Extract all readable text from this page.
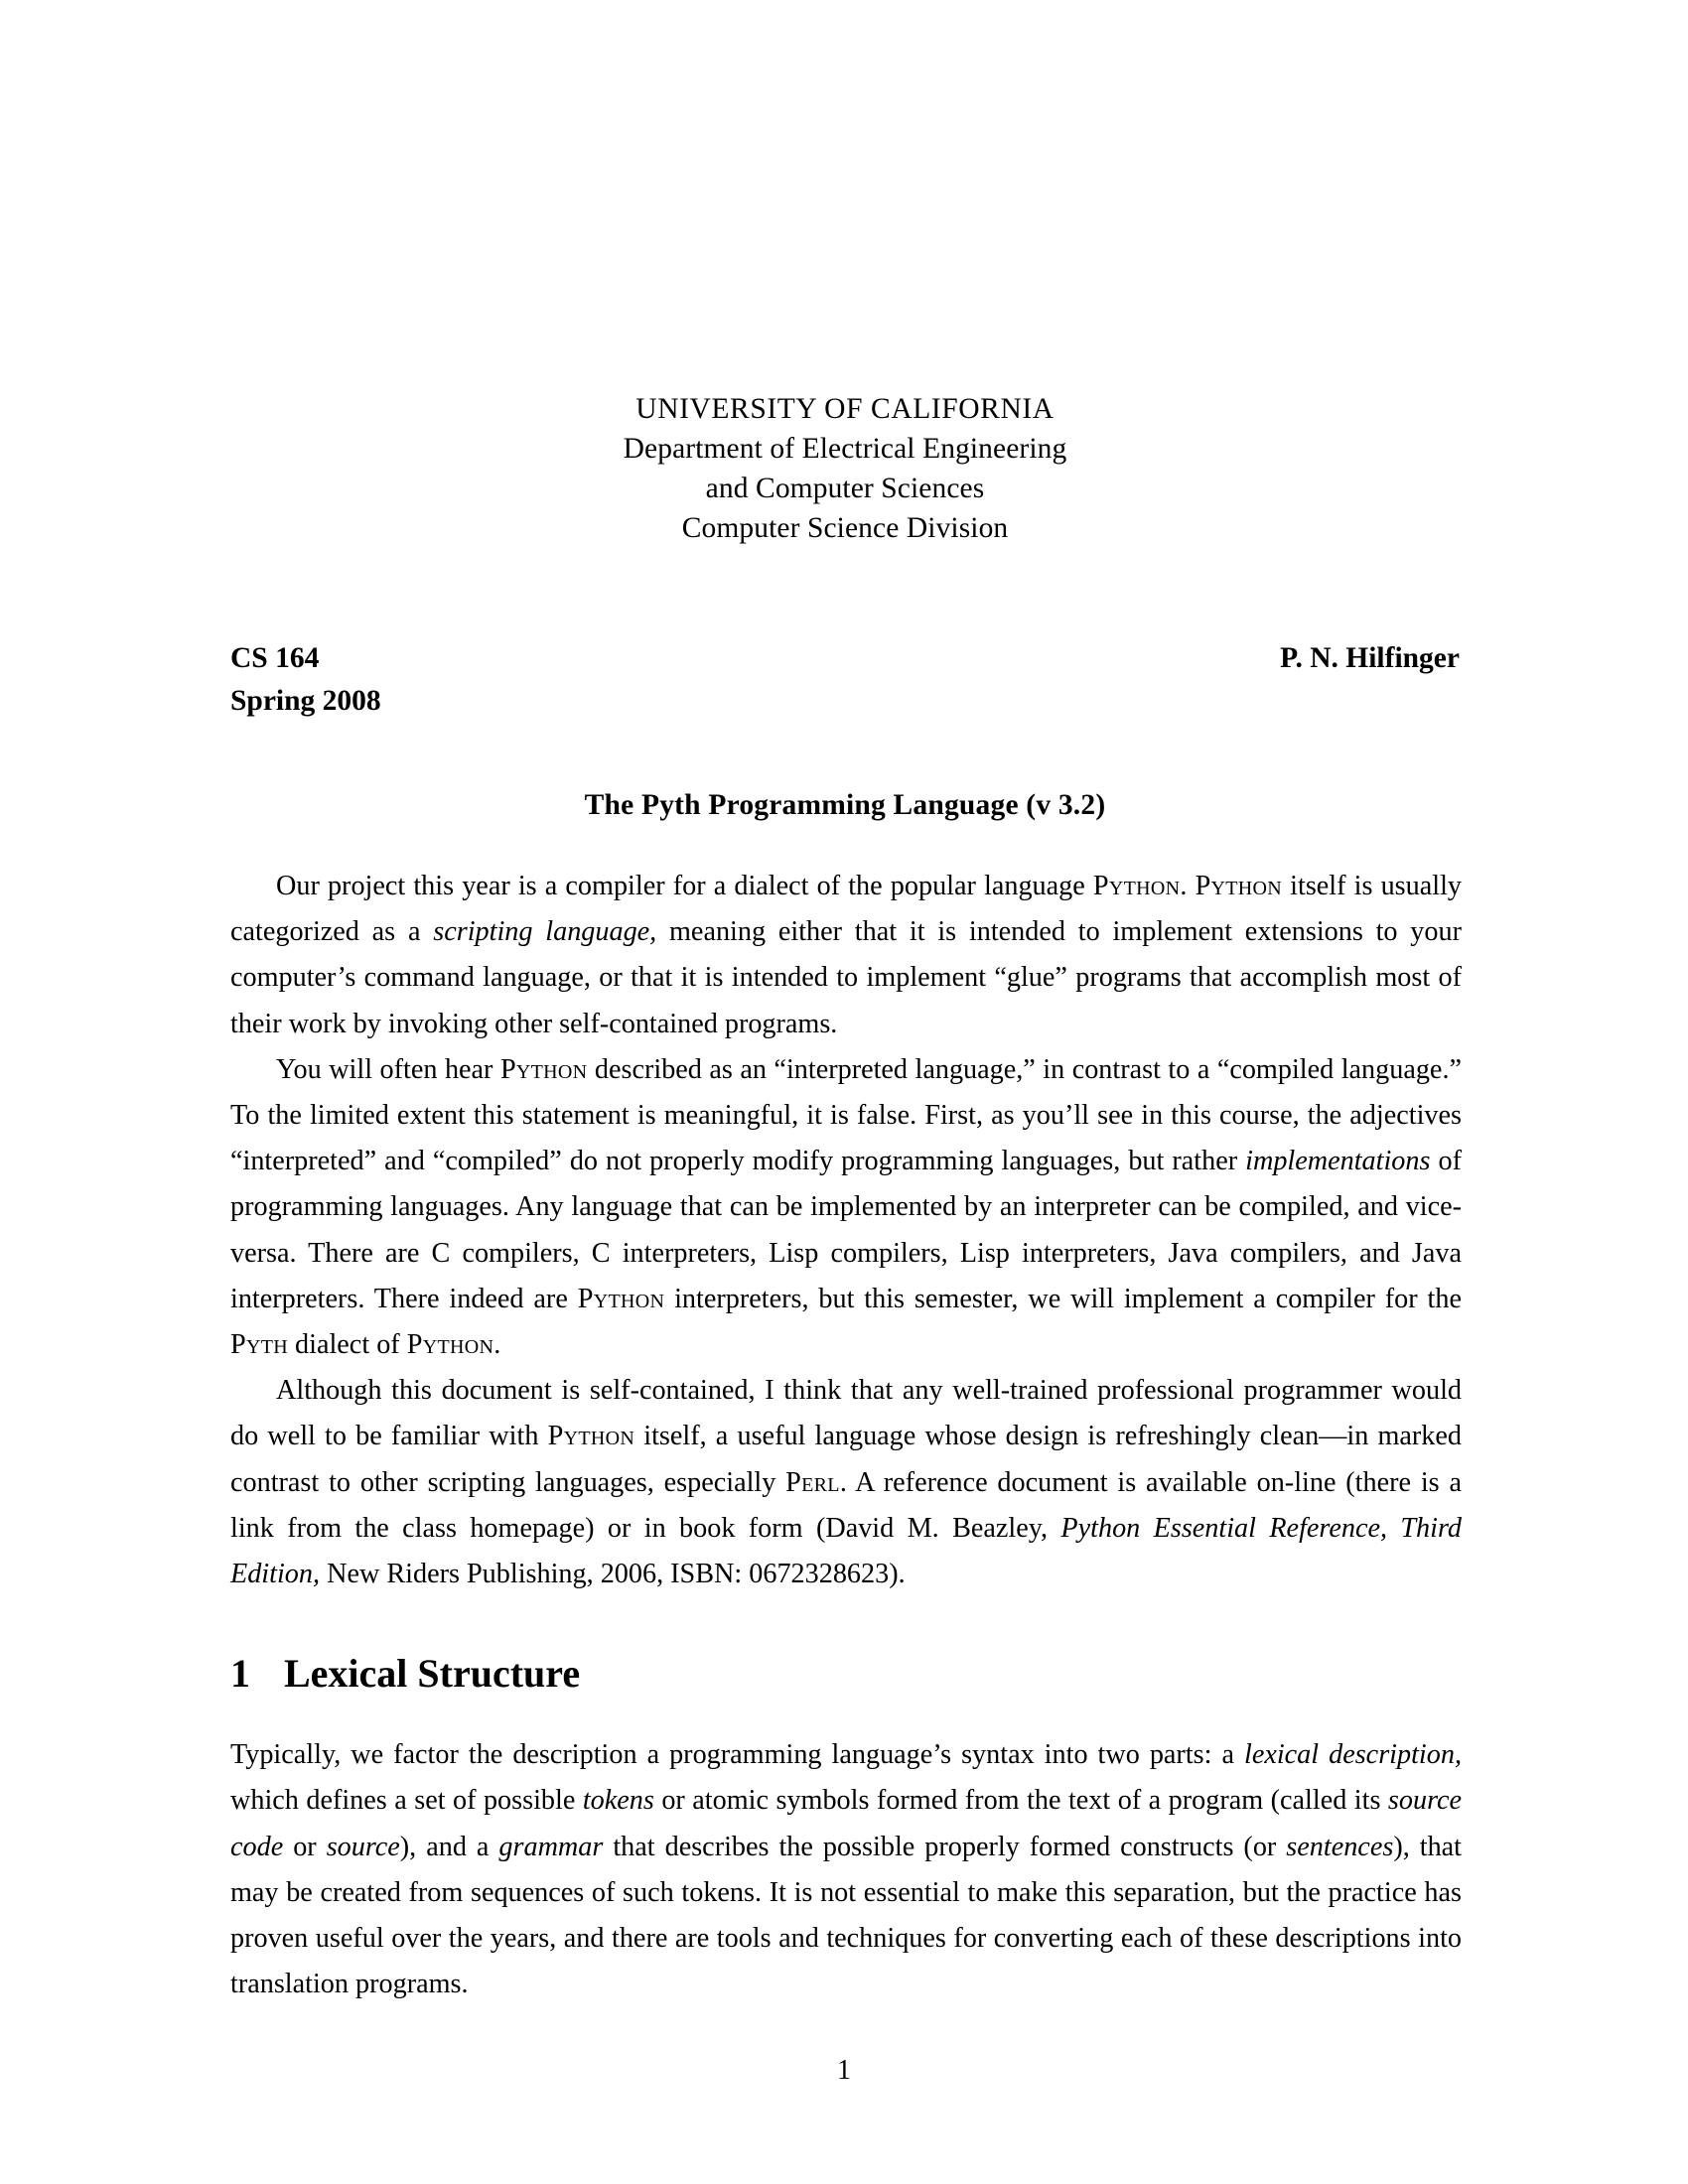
UNIVERSITY OF CALIFORNIA
Department of Electrical Engineering
and Computer Sciences
Computer Science Division
CS 164	P. N. Hilfinger
Spring 2008
The Pyth Programming Language (v 3.2)

Our project this year is a compiler for a dialect of the popular language Python. Python itself is usually categorized as a scripting language, meaning either that it is intended to implement extensions to your computer’s command language, or that it is intended to implement “glue” programs that accomplish most of their work by invoking other self-contained programs.

You will often hear Python described as an “interpreted language,” in contrast to a “compiled language.” To the limited extent this statement is meaningful, it is false. First, as you’ll see in this course, the adjectives “interpreted” and “compiled” do not properly modify programming languages, but rather implementations of programming languages. Any language that can be implemented by an interpreter can be compiled, and vice-versa. There are C compilers, C interpreters, Lisp compilers, Lisp interpreters, Java compilers, and Java interpreters. There indeed are Python interpreters, but this semester, we will implement a compiler for the Pyth dialect of Python.

Although this document is self-contained, I think that any well-trained professional programmer would do well to be familiar with Python itself, a useful language whose design is refreshingly clean—in marked contrast to other scripting languages, especially Perl. A reference document is available on-line (there is a link from the class homepage) or in book form (David M. Beazley, Python Essential Reference, Third Edition, New Riders Publishing, 2006, ISBN: 0672328623).

1 Lexical Structure

Typically, we factor the description a programming language’s syntax into two parts: a lexical description, which defines a set of possible tokens or atomic symbols formed from the text of a program (called its source code or source), and a grammar that describes the possible properly formed constructs (or sentences), that may be created from sequences of such tokens. It is not essential to make this separation, but the practice has proven useful over the years, and there are tools and techniques for converting each of these descriptions into translation programs.

1
